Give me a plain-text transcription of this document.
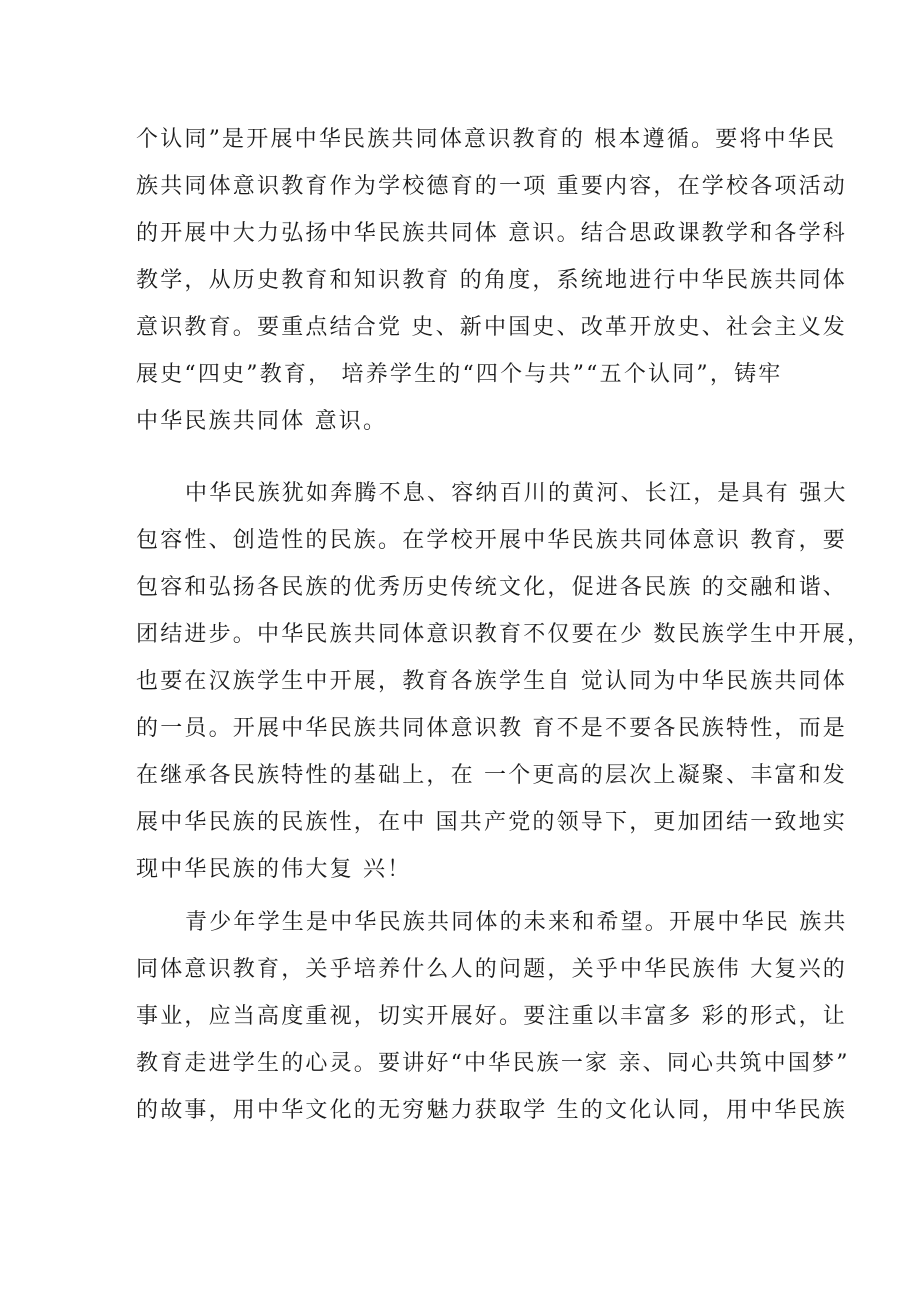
个认同”是开展中华民族共同体意识教育的 根本遵循。要将中华民
族共同体意识教育作为学校德育的一项 重要内容，在学校各项活动
的开展中大力弘扬中华民族共同体 意识。结合思政课教学和各学科
教学，从历史教育和知识教育 的角度，系统地进行中华民族共同体
意识教育。要重点结合党 史、新中国史、改革开放史、社会主义发
展史“四史”教育， 培养学生的“四个与共”“五个认同”，铸牢
中华民族共同体 意识。
中华民族犹如奔腾不息、容纳百川的黄河、长江，是具有 强大
包容性、创造性的民族。在学校开展中华民族共同体意识 教育，要
包容和弘扬各民族的优秀历史传统文化，促进各民族 的交融和谐、
团结进步。中华民族共同体意识教育不仅要在少 数民族学生中开展，
也要在汉族学生中开展，教育各族学生自 觉认同为中华民族共同体
的一员。开展中华民族共同体意识教 育不是不要各民族特性，而是
在继承各民族特性的基础上，在 一个更高的层次上凝聚、丰富和发
展中华民族的民族性，在中 国共产党的领导下，更加团结一致地实
现中华民族的伟大复 兴！
青少年学生是中华民族共同体的未来和希望。开展中华民 族共
同体意识教育，关乎培养什么人的问题，关乎中华民族伟 大复兴的
事业，应当高度重视，切实开展好。要注重以丰富多 彩的形式，让
教育走进学生的心灵。要讲好“中华民族一家 亲、同心共筑中国梦”
的故事，用中华文化的无穷魅力获取学 生的文化认同，用中华民族
